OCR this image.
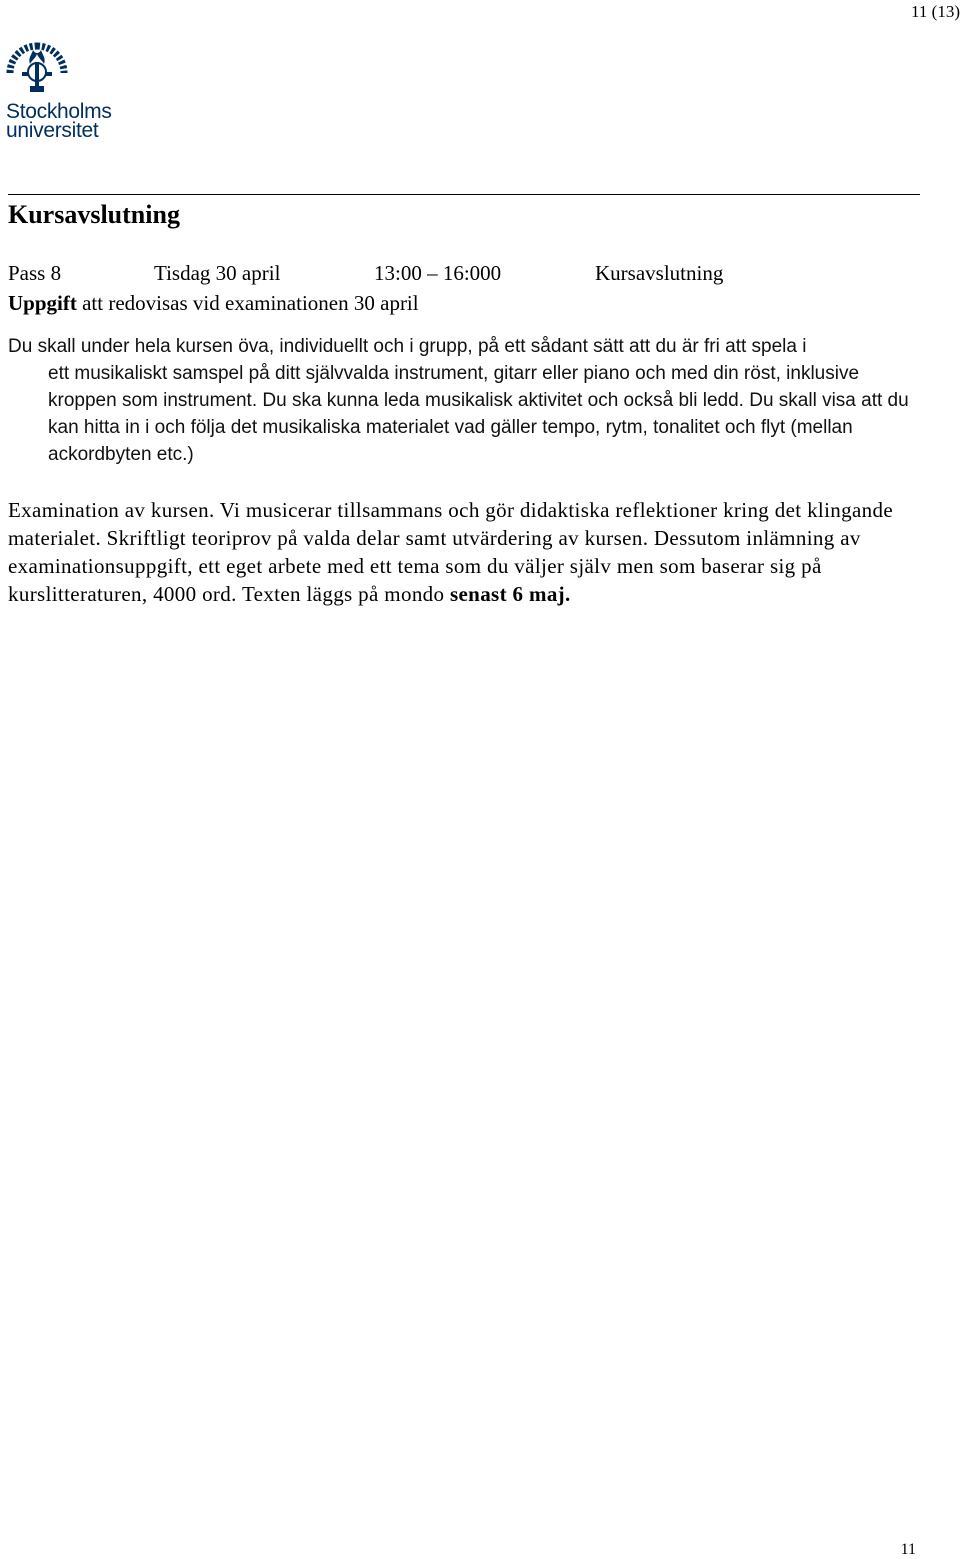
11 (13)
Stockholms
universitet
Kursavslutning
Pass 8	Tisdag 30 april	13:00 – 16:000	Kursavslutning
Uppgift att redovisas vid examinationen 30 april
Du skall under hela kursen öva, individuellt och i grupp, på ett sådant sätt att du är fri att spela i
ett musikaliskt samspel på ditt självvalda instrument, gitarr eller piano och med din röst, inklusive kroppen som instrument. Du ska kunna leda musikalisk aktivitet och också bli ledd. Du skall visa att du kan hitta in i och följa det musikaliska materialet vad gäller tempo, rytm, tonalitet och flyt (mellan ackordbyten etc.)
Examination av kursen. Vi musicerar tillsammans och gör didaktiska reflektioner kring det klingande materialet. Skriftligt teoriprov på valda delar samt utvärdering av kursen. Dessutom inlämning av examinationsuppgift, ett eget arbete med ett tema som du väljer själv men som baserar sig på kurslitteraturen, 4000 ord. Texten läggs på mondo senast 6 maj.
11
